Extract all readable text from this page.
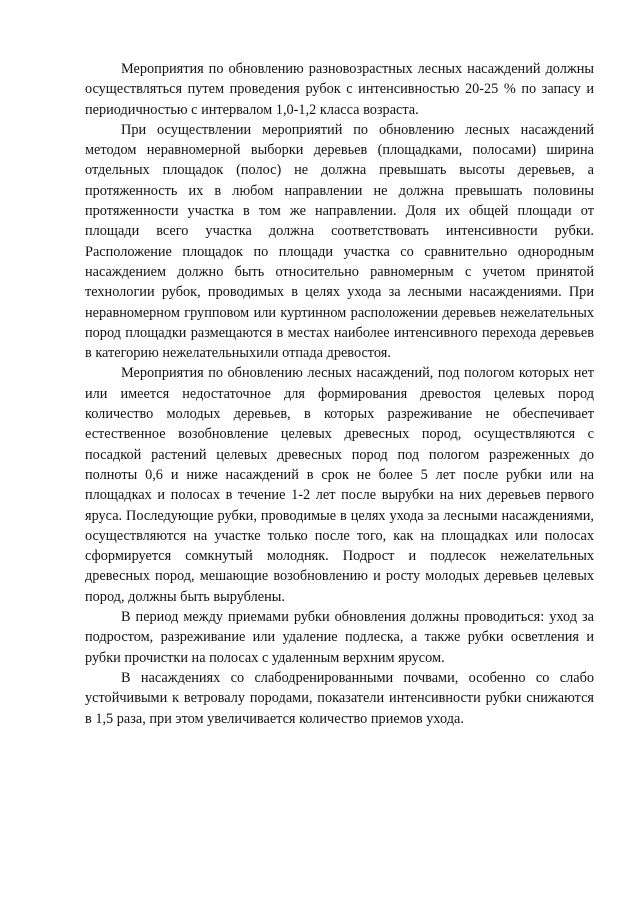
Мероприятия по обновлению разновозрастных лесных насаждений должны осуществляться путем проведения рубок с интенсивностью 20-25 % по запасу и периодичностью с интервалом 1,0-1,2 класса возраста.

При осуществлении мероприятий по обновлению лесных насаждений методом неравномерной выборки деревьев (площадками, полосами) ширина отдельных площадок (полос) не должна превышать высоты деревьев, а протяженность их в любом направлении не должна превышать половины протяженности участка в том же направлении. Доля их общей площади от площади всего участка должна соответствовать интенсивности рубки. Расположение площадок по площади участка со сравнительно однородным насаждением должно быть относительно равномерным с учетом принятой технологии рубок, проводимых в целях ухода за лесными насаждениями. При неравномерном групповом или куртинном расположении деревьев нежелательных пород площадки размещаются в местах наиболее интенсивного перехода деревьев в категорию нежелательныхили отпада древостоя.

Мероприятия по обновлению лесных насаждений, под пологом которых нет или имеется недостаточное для формирования древостоя целевых пород количество молодых деревьев, в которых разреживание не обеспечивает естественное возобновление целевых древесных пород, осуществляются с посадкой растений целевых древесных пород под пологом разреженных до полноты 0,6 и ниже насаждений в срок не более 5 лет после рубки или на площадках и полосах в течение 1-2 лет после вырубки на них деревьев первого яруса. Последующие рубки, проводимые в целях ухода за лесными насаждениями, осуществляются на участке только после того, как на площадках или полосах сформируется сомкнутый молодняк. Подрост и подлесок нежелательных древесных пород, мешающие возобновлению и росту молодых деревьев целевых пород, должны быть вырублены.

В период между приемами рубки обновления должны проводиться: уход за подростом, разреживание или удаление подлеска, а также рубки осветления и рубки прочистки на полосах с удаленным верхним ярусом.

В насаждениях со слабодренированными почвами, особенно со слабо устойчивыми к ветровалу породами, показатели интенсивности рубки снижаются в 1,5 раза, при этом увеличивается количество приемов ухода.
